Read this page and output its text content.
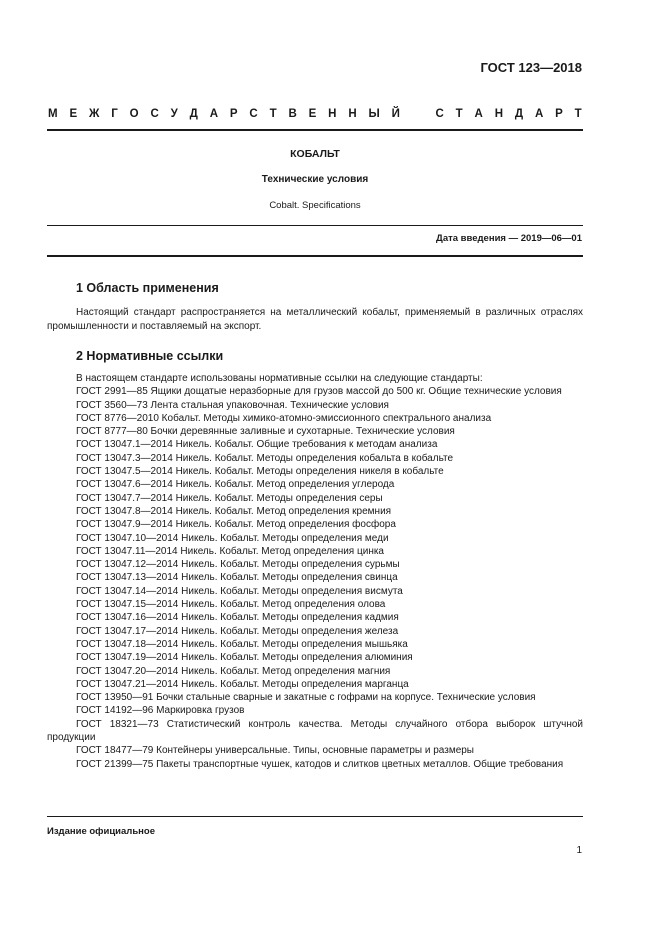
ГОСТ 123—2018
М Е Ж Г О С У Д А Р С Т В Е Н Н Ы Й	С Т А Н Д А Р Т
КОБАЛЬТ
Технические условия
Cobalt. Specifications
Дата введения — 2019—06—01
1 Область применения
Настоящий стандарт распространяется на металлический кобальт, применяемый в различных отраслях промышленности и поставляемый на экспорт.
2 Нормативные ссылки
В настоящем стандарте использованы нормативные ссылки на следующие стандарты:
ГОСТ 2991—85 Ящики дощатые неразборные для грузов массой до 500 кг. Общие технические условия
ГОСТ 3560—73 Лента стальная упаковочная. Технические условия
ГОСТ 8776—2010 Кобальт. Методы химико-атомно-эмиссионного спектрального анализа
ГОСТ 8777—80 Бочки деревянные заливные и сухотарные. Технические условия
ГОСТ 13047.1—2014 Никель. Кобальт. Общие требования к методам анализа
ГОСТ 13047.3—2014 Никель. Кобальт. Методы определения кобальта в кобальте
ГОСТ 13047.5—2014 Никель. Кобальт. Методы определения никеля в кобальте
ГОСТ 13047.6—2014 Никель. Кобальт. Метод определения углерода
ГОСТ 13047.7—2014 Никель. Кобальт. Методы определения серы
ГОСТ 13047.8—2014 Никель. Кобальт. Метод определения кремния
ГОСТ 13047.9—2014 Никель. Кобальт. Метод определения фосфора
ГОСТ 13047.10—2014 Никель. Кобальт. Методы определения меди
ГОСТ 13047.11—2014 Никель. Кобальт. Метод определения цинка
ГОСТ 13047.12—2014 Никель. Кобальт. Методы определения сурьмы
ГОСТ 13047.13—2014 Никель. Кобальт. Методы определения свинца
ГОСТ 13047.14—2014 Никель. Кобальт. Методы определения висмута
ГОСТ 13047.15—2014 Никель. Кобальт. Метод определения олова
ГОСТ 13047.16—2014 Никель. Кобальт. Методы определения кадмия
ГОСТ 13047.17—2014 Никель. Кобальт. Методы определения железа
ГОСТ 13047.18—2014 Никель. Кобальт. Методы определения мышьяка
ГОСТ 13047.19—2014 Никель. Кобальт. Методы определения алюминия
ГОСТ 13047.20—2014 Никель. Кобальт. Метод определения магния
ГОСТ 13047.21—2014 Никель. Кобальт. Методы определения марганца
ГОСТ 13950—91 Бочки стальные сварные и закатные с гофрами на корпусе. Технические условия
ГОСТ 14192—96 Маркировка грузов
ГОСТ 18321—73 Статистический контроль качества. Методы случайного отбора выборок штучной продукции
ГОСТ 18477—79 Контейнеры универсальные. Типы, основные параметры и размеры
ГОСТ 21399—75 Пакеты транспортные чушек, катодов и слитков цветных металлов. Общие требования
Издание официальное
1
